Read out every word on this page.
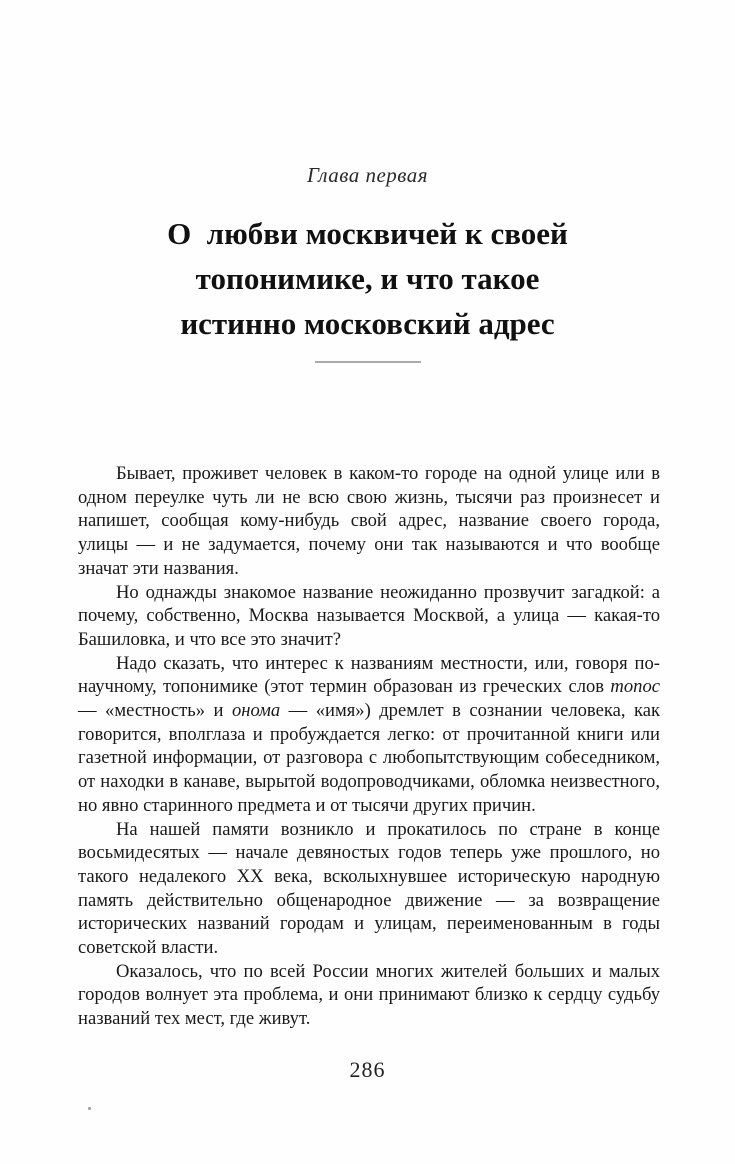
Глава первая
О  любви москвичей к своей
топонимике, и что такое
истинно московский адрес

Бывает, проживет человек в каком-то городе на одной улице или в одном переулке чуть ли не всю свою жизнь, тысячи раз произнесет и напишет, сообщая кому-нибудь свой адрес, название своего города, улицы — и не задумается, почему они так называются и что вообще значат эти названия.

Но однажды знакомое название неожиданно прозвучит загадкой: а почему, собственно, Москва называется Москвой, а улица — какая-то Башиловка, и что все это значит?

Надо сказать, что интерес к названиям местности, или, говоря по-научному, топонимике (этот термин образован из греческих слов топос — «местность» и онома — «имя») дремлет в сознании человека, как говорится, вполглаза и пробуждается легко: от прочитанной книги или газетной информации, от разговора с любопытствующим собеседником, от находки в канаве, вырытой водопроводчиками, обломка неизвестного, но явно старинного предмета и от тысячи других причин.

На нашей памяти возникло и прокатилось по стране в конце восьмидесятых — начале девяностых годов теперь уже прошлого, но такого недалекого XX века, всколыхнувшее историческую народную память действительно общенародное движение — за возвращение исторических названий городам и улицам, переименованным в годы советской власти.

Оказалось, что по всей России многих жителей больших и малых городов волнует эта проблема, и они принимают близко к сердцу судьбу названий тех мест, где живут.

286
